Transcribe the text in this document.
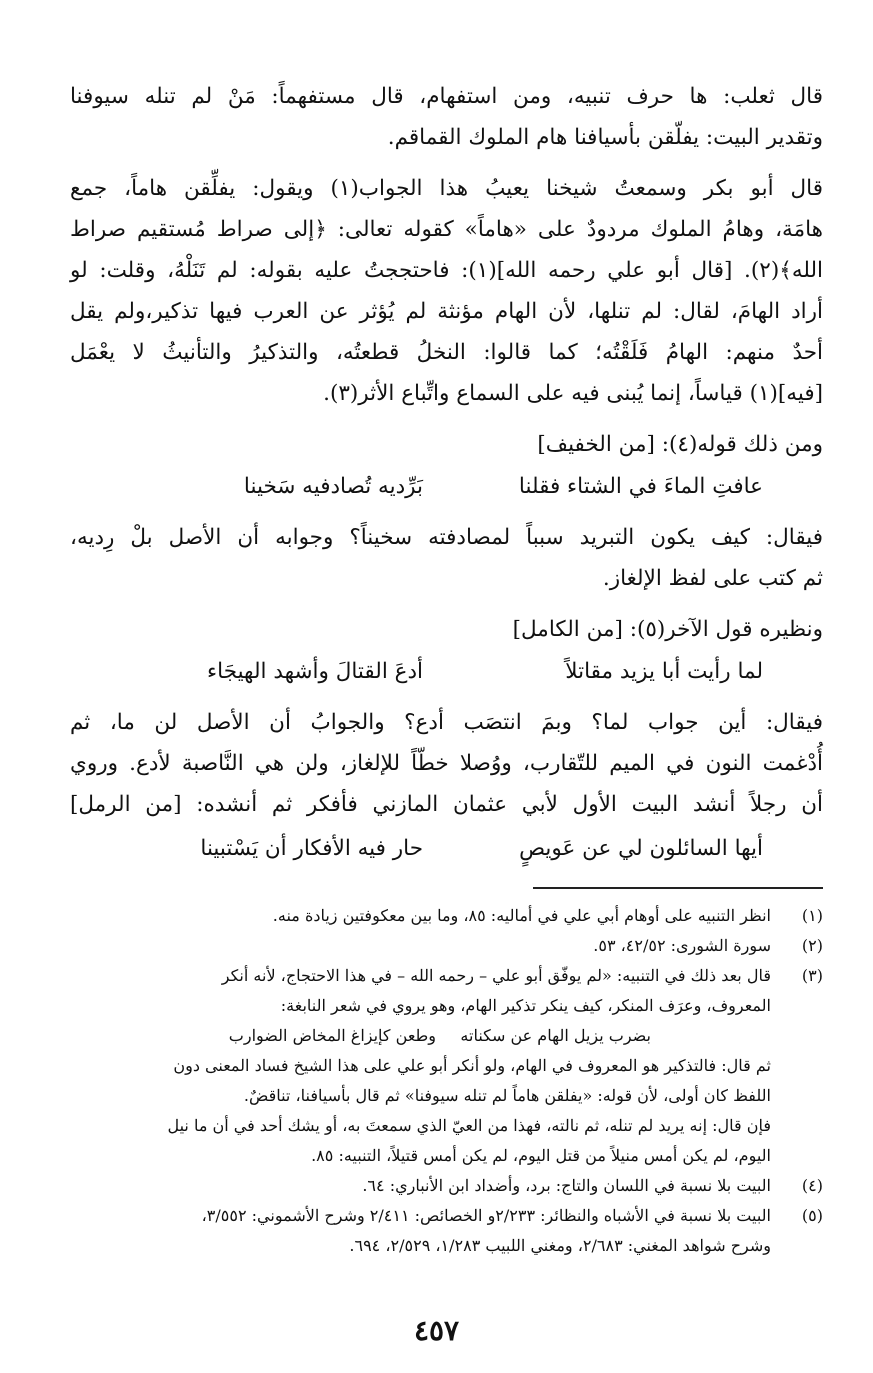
قال ثعلب: ها حرف تنبيه، ومن استفهام، قال مستفهماً: مَنْ لم تنله سيوفنا
وتقدير البيت: يفلّقن بأسيافنا هام الملوك القماقم.
قال أبو بكر وسمعتُ شيخنا يعيبُ هذا الجواب(١) ويقول: يفلِّقن هاماً، جمع
هامَة، وهامُ الملوك مردودٌ على «هاماً» كقوله تعالى: ﴿إلى صراط مُستقيم صراط
الله﴾(٢). [قال أبو علي رحمه الله](١): فاحتججتُ عليه بقوله: لم تَنَلْهُ، وقلت: لو
أراد الهامَ، لقال: لم تنلها، لأن الهام مؤنثة لم يُؤثر عن العرب فيها تذكير،ولم يقل
أحدٌ منهم: الهامُ فَلَقْتُه؛ كما قالوا: النخلُ قطعتُه، والتذكيرُ والتأنيثُ لا يعْمَل
[فيه](١) قياساً، إنما يُبنى فيه على السماع واتِّباع الأثر(٣).
ومن ذلك قوله(٤): [من الخفيف]
عافتِ الماءَ في الشتاء فقلنا
بَرِّديه تُصادفيه سَخينا
فيقال: كيف يكون التبريد سبباً لمصادفته سخيناً؟ وجوابه أن الأصل بلْ رِديه،
ثم كتب على لفظ الإلغاز.
ونظيره قول الآخر(٥): [من الكامل]
لما رأيت أبا يزيد مقاتلاً
أدعَ القتالَ وأشهد الهيجَاء
فيقال: أين جواب لما؟ وبمَ انتصَب أدع؟ والجوابُ أن الأصل لن ما، ثم
أُدْغمت النون في الميم للتّقارب، ووُصلا خطّاً للإلغاز، ولن هي النَّاصبة لأدع. وروي
أن رجلاً أنشد البيت الأول لأبي عثمان المازني فأفكر ثم أنشده: [من الرمل]
أيها السائلون لي عن عَويصٍ
حار فيه الأفكار أن يَسْتبينا
(١)
انظر التنبيه على أوهام أبي علي في أماليه: ٨٥، وما بين معكوفتين زيادة منه.
(٢)
سورة الشورى: ٤٢/٥٢، ٥٣.
(٣)
قال بعد ذلك في التنبيه: «لم يوفّق أبو علي – رحمه الله – في هذا الاحتجاج، لأنه أنكر
المعروف، وعرَف المنكر، كيف ينكر تذكير الهام، وهو يروي في شعر النابغة:
بضرب يزيل الهام عن سكناته
وطعن كإيزاغ المخاض الضوارب
ثم قال: فالتذكير هو المعروف في الهام، ولو أنكر أبو علي على هذا الشيخ فساد المعنى دون
اللفظ كان أولى، لأن قوله: «يفلقن هاماً لم تنله سيوفنا» ثم قال بأسيافنا، تناقضٌ.
فإن قال: إنه يريد لم تنله، ثم نالته، فهذا من العيّ الذي سمعتَ به، أو يشك أحد في أن ما نيل
اليوم، لم يكن أمس منيلاً من قتل اليوم، لم يكن أمس قتيلاً، التنبيه: ٨٥.
(٤)
البيت بلا نسبة في اللسان والتاج: برد، وأضداد ابن الأنباري: ٦٤.
(٥)
البيت بلا نسبة في الأشباه والنظائر: ٢/٢٣٣و الخصائص: ٢/٤١١ وشرح الأشموني: ٣/٥٥٢،
وشرح شواهد المغني: ٢/٦٨٣، ومغني اللبيب ١/٢٨٣، ٢/٥٢٩، ٦٩٤.
٤٥٧
